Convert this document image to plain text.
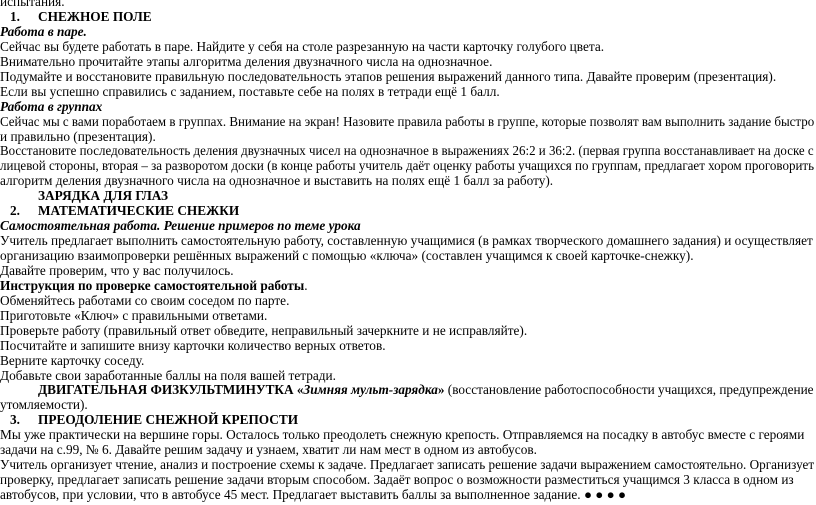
испытания.
1. СНЕЖНОЕ ПОЛЕ
Работа в паре.
Сейчас вы будете работать в паре. Найдите у себя на столе разрезанную на части карточку голубого цвета.
Внимательно прочитайте этапы алгоритма деления двузначного числа на однозначное.
Подумайте и восстановите правильную последовательность этапов решения выражений данного типа. Давайте проверим (презентация).
Если вы успешно справились с заданием, поставьте себе на полях в тетради ещё 1 балл.
Работа в группах
Сейчас мы с вами поработаем в группах. Внимание на экран! Назовите правила работы в группе, которые позволят вам выполнить задание быстро
и правильно (презентация).
Восстановите последовательность деления двузначных чисел на однозначное в выражениях 26:2 и 36:2. (первая группа восстанавливает на доске с
лицевой стороны, вторая – за разворотом доски (в конце работы учитель даёт оценку работы учащихся по группам, предлагает хором проговорить
алгоритм деления двузначного числа на однозначное и выставить на полях ещё 1 балл за работу).
ЗАРЯДКА ДЛЯ ГЛАЗ
2. МАТЕМАТИЧЕСКИЕ СНЕЖКИ
Самостоятельная работа. Решение примеров по теме урока
Учитель предлагает выполнить самостоятельную работу, составленную учащимися (в рамках творческого домашнего задания) и осуществляет
организацию взаимопроверки решённых выражений с помощью «ключа» (составлен учащимся к своей карточке-снежку).
Давайте проверим, что у вас получилось.
Инструкция по проверке самостоятельной работы.
Обменяйтесь работами со своим соседом по парте.
Приготовьте «Ключ» с правильными ответами.
Проверьте работу (правильный ответ обведите, неправильный зачеркните и не исправляйте).
Посчитайте и запишите внизу карточки количество верных ответов.
Верните карточку соседу.
Добавьте свои заработанные баллы на поля вашей тетради.
ДВИГАТЕЛЬНАЯ ФИЗКУЛЬТМИНУТКА «Зимняя мульт-зарядка» (восстановление работоспособности учащихся, предупреждение
утомляемости).
3. ПРЕОДОЛЕНИЕ СНЕЖНОЙ КРЕПОСТИ
Мы уже практически на вершине горы. Осталось только преодолеть снежную крепость. Отправляемся на посадку в автобус вместе с героями
задачи на с.99, № 6. Давайте решим задачу и узнаем, хватит ли нам мест в одном из автобусов.
Учитель организует чтение, анализ и построение схемы к задаче. Предлагает записать решение задачи выражением самостоятельно. Организует
проверку, предлагает записать решение задачи вторым способом. Задаёт вопрос о возможности разместиться учащимся 3 класса в одном из
автобусов, при условии, что в автобусе 45 мест. Предлагает выставить баллы за выполненное задание. ● ● ● ●
